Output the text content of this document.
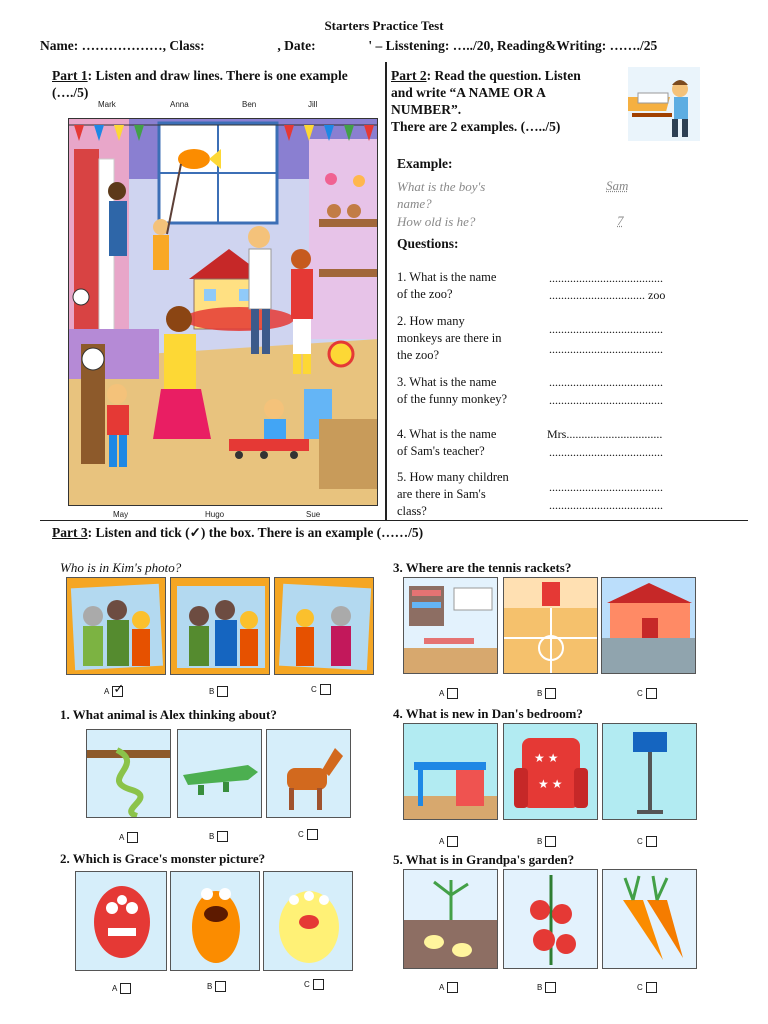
Starters Practice Test
Name: ………………, Class:	, Date:	' – Lisstening: …../20, Reading&Writing: ……./25
Part 1: Listen and draw lines. There is one example (…./5)
Mark	Anna	Ben	Jill
May	Hugo	Sue
Part 2: Read the question. Listen
and write “A NAME OR A
NUMBER”.
There are 2 examples. (…../5)
Example:
What is the boy's
name?
Sam
How old is he?	7
Questions:
1. What is the name
of the zoo?
......................................
................................ zoo
2. How many
monkeys are there in
the zoo?
......................................
......................................
3. What is the name
of the funny monkey?
......................................
......................................
4. What is the name
of Sam's teacher?
Mrs................................
......................................
5. How many children
are there in Sam's
class?
......................................
......................................
Part 3: Listen and tick (✓) the box. There is an example (……/5)
Who is in Kim's photo?
A ✓	B	C
1. What animal is Alex thinking about?
A	B	C
2. Which is Grace's monster picture?
A	B	C
3. Where are the tennis rackets?
A	B	C
4. What is new in Dan's bedroom?
★ ★
★ ★
A	B	C
5. What is in Grandpa's garden?
A	B	C
